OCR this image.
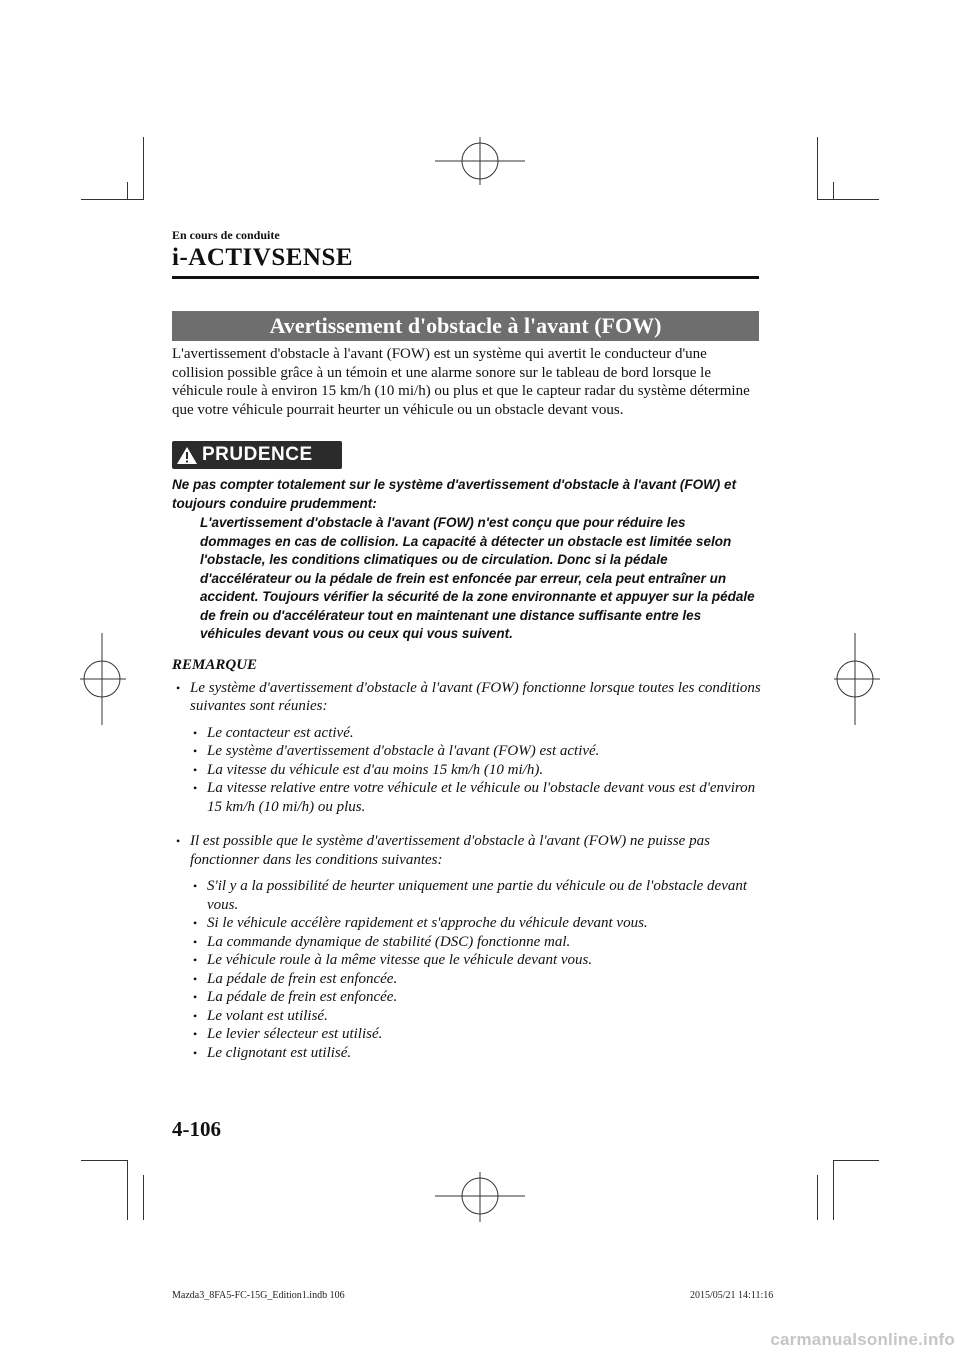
En cours de conduite
i-ACTIVSENSE
Avertissement d'obstacle à l'avant (FOW)
L'avertissement d'obstacle à l'avant (FOW) est un système qui avertit le conducteur d'une collision possible grâce à un témoin et une alarme sonore sur le tableau de bord lorsque le véhicule roule à environ 15 km/h (10 mi/h) ou plus et que le capteur radar du système détermine que votre véhicule pourrait heurter un véhicule ou un obstacle devant vous.
PRUDENCE
Ne pas compter totalement sur le système d'avertissement d'obstacle à l'avant (FOW) et toujours conduire prudemment:
L'avertissement d'obstacle à l'avant (FOW) n'est conçu que pour réduire les dommages en cas de collision. La capacité à détecter un obstacle est limitée selon l'obstacle, les conditions climatiques ou de circulation. Donc si la pédale d'accélérateur ou la pédale de frein est enfoncée par erreur, cela peut entraîner un accident. Toujours vérifier la sécurité de la zone environnante et appuyer sur la pédale de frein ou d'accélérateur tout en maintenant une distance suffisante entre les véhicules devant vous ou ceux qui vous suivent.
REMARQUE
• Le système d'avertissement d'obstacle à l'avant (FOW) fonctionne lorsque toutes les conditions suivantes sont réunies:
• Le contacteur est activé.
• Le système d'avertissement d'obstacle à l'avant (FOW) est activé.
• La vitesse du véhicule est d'au moins 15 km/h (10 mi/h).
• La vitesse relative entre votre véhicule et le véhicule ou l'obstacle devant vous est d'environ 15 km/h (10 mi/h) ou plus.
• Il est possible que le système d'avertissement d'obstacle à l'avant (FOW) ne puisse pas fonctionner dans les conditions suivantes:
• S'il y a la possibilité de heurter uniquement une partie du véhicule ou de l'obstacle devant vous.
• Si le véhicule accélère rapidement et s'approche du véhicule devant vous.
• La commande dynamique de stabilité (DSC) fonctionne mal.
• Le véhicule roule à la même vitesse que le véhicule devant vous.
• La pédale de frein est enfoncée.
• La pédale de frein est enfoncée.
• Le volant est utilisé.
• Le levier sélecteur est utilisé.
• Le clignotant est utilisé.
4-106
Mazda3_8FA5-FC-15G_Edition1.indb 106	2015/05/21 14:11:16
carmanualsonline.info
